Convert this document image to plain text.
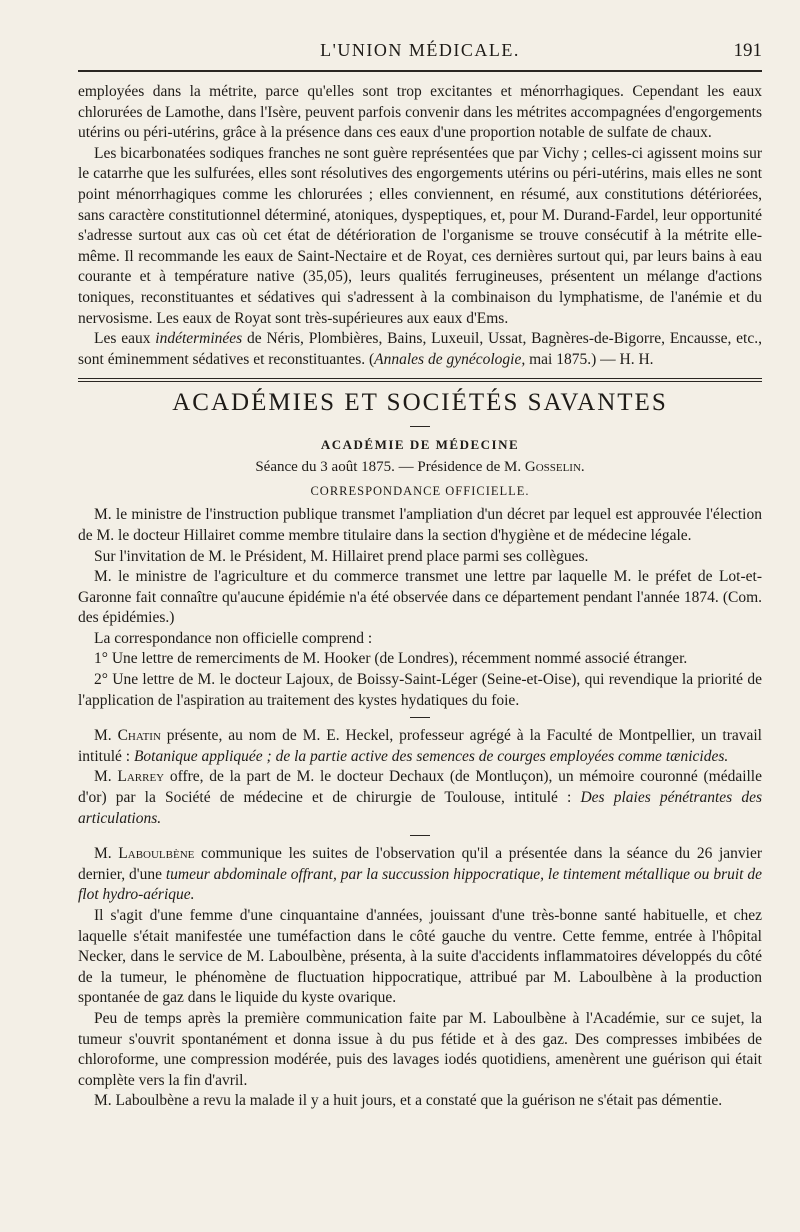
L'UNION MÉDICALE.	191

employées dans la métrite, parce qu'elles sont trop excitantes et ménorrhagiques. Cependant les eaux chlorurées de Lamothe, dans l'Isère, peuvent parfois convenir dans les métrites accompagnées d'engorgements utérins ou péri-utérins, grâce à la présence dans ces eaux d'une proportion notable de sulfate de chaux.

Les bicarbonatées sodiques franches ne sont guère représentées que par Vichy ; celles-ci agissent moins sur le catarrhe que les sulfurées, elles sont résolutives des engorgements utérins ou péri-utérins, mais elles ne sont point ménorrhagiques comme les chlorurées ; elles conviennent, en résumé, aux constitutions détériorées, sans caractère constitutionnel déterminé, atoniques, dyspeptiques, et, pour M. Durand-Fardel, leur opportunité s'adresse surtout aux cas où cet état de détérioration de l'organisme se trouve consécutif à la métrite elle-même. Il recommande les eaux de Saint-Nectaire et de Royat, ces dernières surtout qui, par leurs bains à eau courante et à température native (35,05), leurs qualités ferrugineuses, présentent un mélange d'actions toniques, reconstituantes et sédatives qui s'adressent à la combinaison du lymphatisme, de l'anémie et du nervosisme. Les eaux de Royat sont très-supérieures aux eaux d'Ems.

Les eaux indéterminées de Néris, Plombières, Bains, Luxeuil, Ussat, Bagnères-de-Bigorre, Encausse, etc., sont éminemment sédatives et reconstituantes. (Annales de gynécologie, mai 1875.) — H. H.

ACADÉMIES ET SOCIÉTÉS SAVANTES
ACADÉMIE DE MÉDECINE
Séance du 3 août 1875. — Présidence de M. Gosselin.
CORRESPONDANCE OFFICIELLE.

M. le ministre de l'instruction publique transmet l'ampliation d'un décret par lequel est approuvée l'élection de M. le docteur Hillairet comme membre titulaire dans la section d'hygiène et de médecine légale.

Sur l'invitation de M. le Président, M. Hillairet prend place parmi ses collègues.

M. le ministre de l'agriculture et du commerce transmet une lettre par laquelle M. le préfet de Lot-et-Garonne fait connaître qu'aucune épidémie n'a été observée dans ce département pendant l'année 1874. (Com. des épidémies.)

La correspondance non officielle comprend :

1° Une lettre de remerciments de M. Hooker (de Londres), récemment nommé associé étranger.

2° Une lettre de M. le docteur Lajoux, de Boissy-Saint-Léger (Seine-et-Oise), qui revendique la priorité de l'application de l'aspiration au traitement des kystes hydatiques du foie.

M. Chatin présente, au nom de M. E. Heckel, professeur agrégé à la Faculté de Montpellier, un travail intitulé : Botanique appliquée ; de la partie active des semences de courges employées comme tænicides.

M. Larrey offre, de la part de M. le docteur Dechaux (de Montluçon), un mémoire couronné (médaille d'or) par la Société de médecine et de chirurgie de Toulouse, intitulé : Des plaies pénétrantes des articulations.

M. Laboulbène communique les suites de l'observation qu'il a présentée dans la séance du 26 janvier dernier, d'une tumeur abdominale offrant, par la succussion hippocratique, le tintement métallique ou bruit de flot hydro-aérique.

Il s'agit d'une femme d'une cinquantaine d'années, jouissant d'une très-bonne santé habituelle, et chez laquelle s'était manifestée une tuméfaction dans le côté gauche du ventre. Cette femme, entrée à l'hôpital Necker, dans le service de M. Laboulbène, présenta, à la suite d'accidents inflammatoires développés du côté de la tumeur, le phénomène de fluctuation hippocratique, attribué par M. Laboulbène à la production spontanée de gaz dans le liquide du kyste ovarique.

Peu de temps après la première communication faite par M. Laboulbène à l'Académie, sur ce sujet, la tumeur s'ouvrit spontanément et donna issue à du pus fétide et à des gaz. Des compresses imbibées de chloroforme, une compression modérée, puis des lavages iodés quotidiens, amenèrent une guérison qui était complète vers la fin d'avril.

M. Laboulbène a revu la malade il y a huit jours, et a constaté que la guérison ne s'était pas démentie.
